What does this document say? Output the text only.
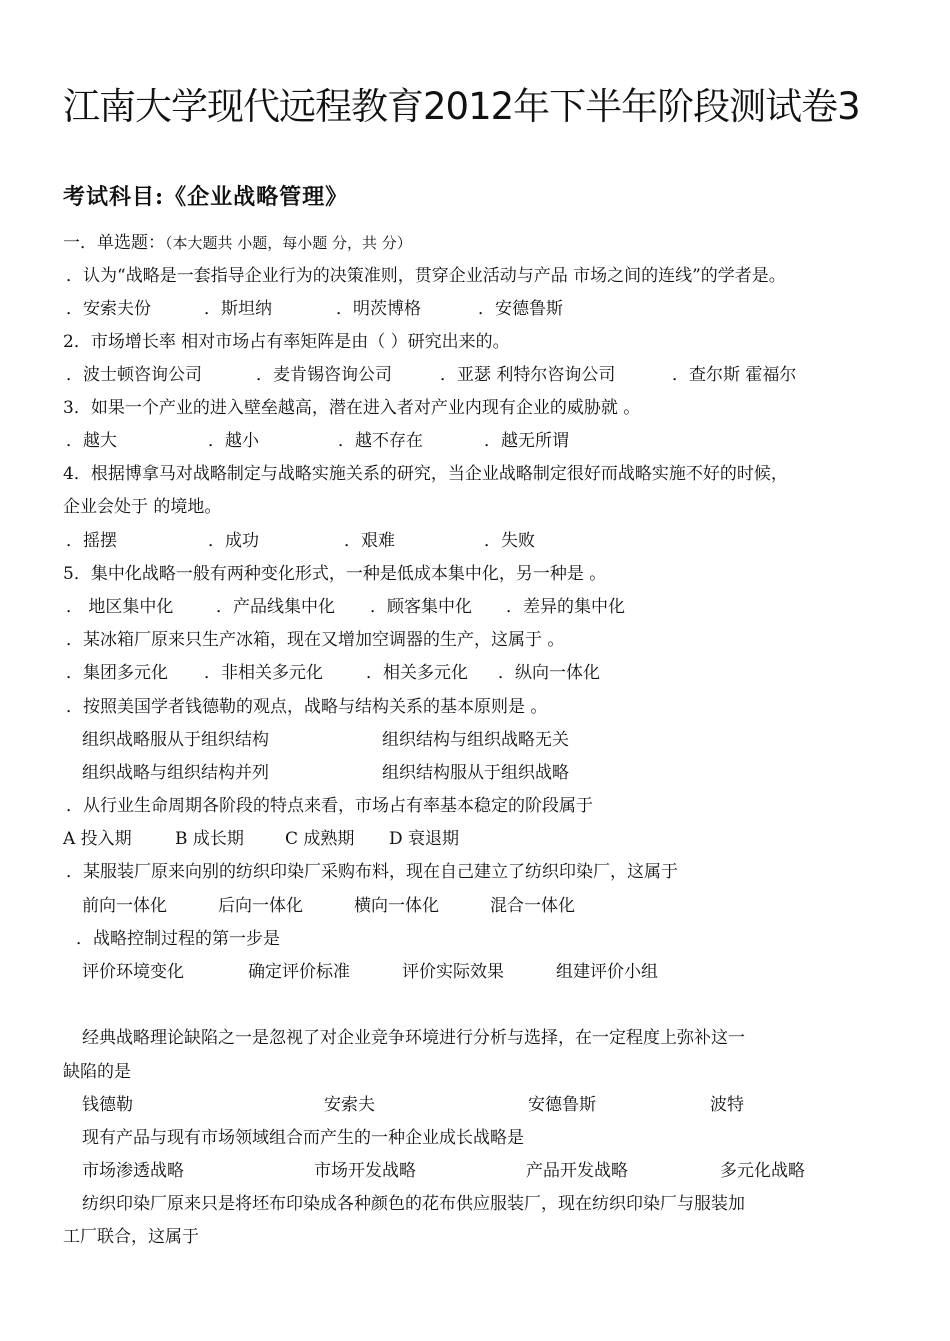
江南大学现代远程教育2012年下半年阶段测试卷3
考试科目:《企业战略管理》
一．单选题：（本大题共 小题，每小题 分，共 分）
．认为“战略是一套指导企业行为的决策准则，贯穿企业活动与产品 市场之间的连线”的学者是。
．安索夫份	．斯坦纳	．明茨博格	．安德鲁斯
2．市场增长率 相对市场占有率矩阵是由（ ）研究出来的。
．波士顿咨询公司	．麦肯锡咨询公司	．亚瑟 利特尔咨询公司	．查尔斯 霍福尔
3．如果一个产业的进入壁垒越高，潜在进入者对产业内现有企业的威胁就 。
．越大	．越小	．越不存在	．越无所谓
4．根据博拿马对战略制定与战略实施关系的研究，当企业战略制定很好而战略实施不好的时候，
企业会处于 的境地。
．摇摆	．成功	．艰难	．失败
5．集中化战略一般有两种变化形式，一种是低成本集中化，另一种是 。
． 地区集中化	．产品线集中化 ．顾客集中化 ．差异的集中化
．某冰箱厂原来只生产冰箱，现在又增加空调器的生产，这属于 。
．集团多元化 ．非相关多元化	．相关多元化 ．纵向一体化
．按照美国学者钱德勒的观点，战略与结构关系的基本原则是 。
组织战略服从于组织结构	组织结构与组织战略无关
组织战略与组织结构并列	组织结构服从于组织战略
．从行业生命周期各阶段的特点来看，市场占有率基本稳定的阶段属于
A 投入期	B 成长期 C 成熟期 D 衰退期
．某服装厂原来向别的纺织印染厂采购布料，现在自己建立了纺织印染厂，这属于
前向一体化	后向一体化	横向一体化	混合一体化
．战略控制过程的第一步是
评价环境变化	确定评价标准	评价实际效果	组建评价小组
经典战略理论缺陷之一是忽视了对企业竞争环境进行分析与选择，在一定程度上弥补这一
缺陷的是
钱德勒	安索夫	安德鲁斯	波特
现有产品与现有市场领域组合而产生的一种企业成长战略是
市场渗透战略	市场开发战略	产品开发战略	多元化战略
纺织印染厂原来只是将坯布印染成各种颜色的花布供应服装厂，现在纺织印染厂与服装加
工厂联合，这属于
